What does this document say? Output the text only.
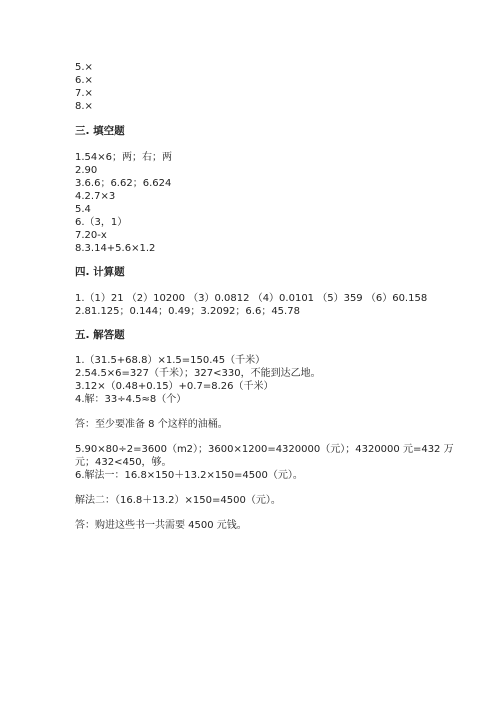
5.×
6.×
7.×
8.×
三. 填空题
1.54×6；两；右；两
2.90
3.6.6；6.62；6.624
4.2.7×3
5.4
6.（3，1）
7.20-x
8.3.14+5.6×1.2
四. 计算题
1.（1）21 （2）10200 （3）0.0812 （4）0.0101 （5）359 （6）60.158
2.81.125；0.144；0.49；3.2092；6.6；45.78
五. 解答题
1.（31.5+68.8）×1.5=150.45（千米）
2.54.5×6=327（千米）；327<330，不能到达乙地。
3.12×（0.48+0.15）+0.7=8.26（千米）
4.解：33÷4.5≈8（个）
答：至少要准备 8 个这样的油桶。
5.90×80÷2=3600（m2）；3600×1200=4320000（元）；4320000 元=432 万
元；432<450，够。
6.解法一：16.8×150＋13.2×150=4500（元）。
解法二：（16.8＋13.2）×150=4500（元）。
答：购进这些书一共需要 4500 元钱。
